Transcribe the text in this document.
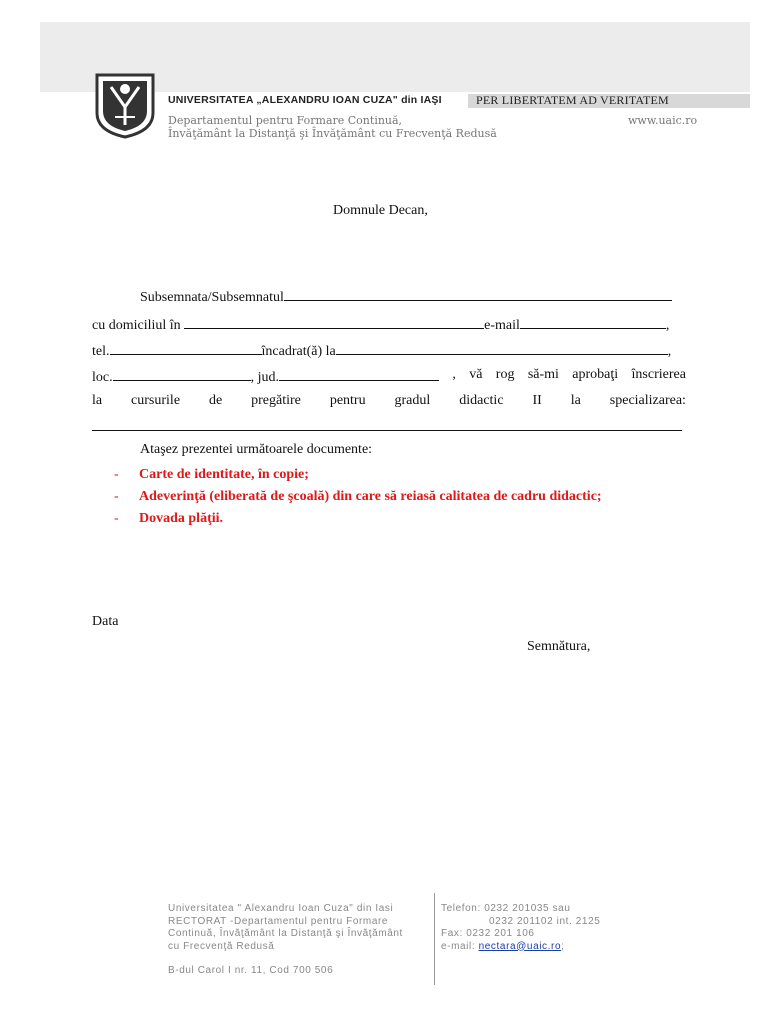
UNIVERSITATEA „ALEXANDRU IOAN CUZA" din IAŞI	PER LIBERTATEM AD VERITATEM
Departamentul pentru Formare Continuă,
Învăţământ la Distanţă şi Învăţământ cu Frecvenţă Redusă
www.uaic.ro
Domnule Decan,
Subsemnata/Subsemnatul
cu domiciliul în	e-mail	,
tel.	încadrat(ă) la	,
loc.	, jud.	, vă rog să-mi aprobaţi înscrierea
la cursurile de pregătire pentru gradul didactic II la specializarea:
Ataşez prezentei următoarele documente:
- Carte de identitate, în copie;
- Adeverinţă (eliberată de şcoală) din care să reiasă calitatea de cadru didactic;
- Dovada plăţii.
Data
Semnătura,
Universitatea " Alexandru Ioan Cuza" din Iasi
RECTORAT -Departamentul pentru Formare
Continuă, Învăţământ la Distanţă şi Învăţământ
cu Frecvenţă Redusă
B-dul Carol I nr. 11, Cod 700 506
Telefon: 0232 201035 sau
0232 201102 int. 2125
Fax: 0232 201 106
e-mail: nectara@uaic.ro;
